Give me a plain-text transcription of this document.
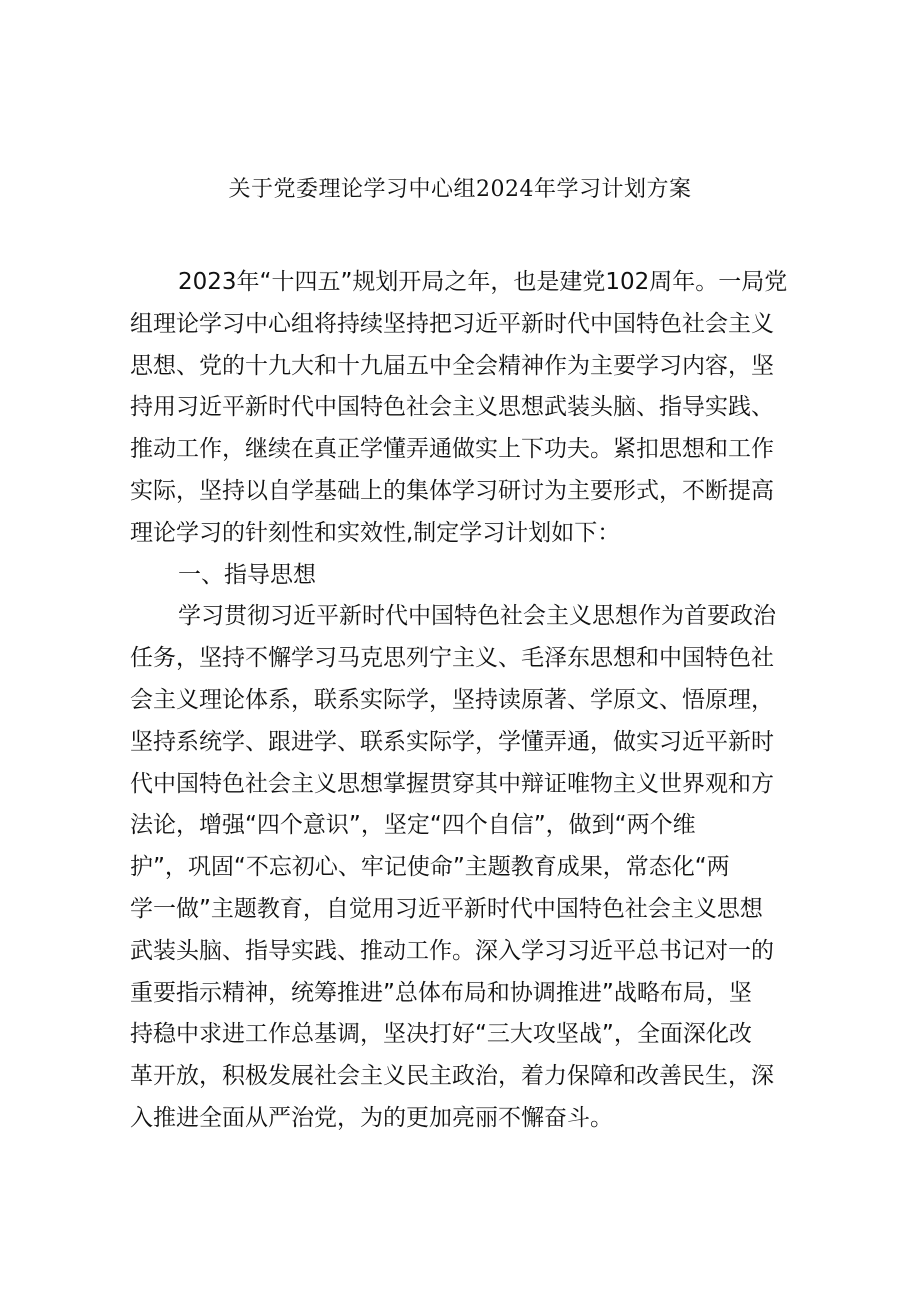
关于党委理论学习中心组2024年学习计划方案
2023年“十四五”规划开局之年，也是建党102周年。一局党
组理论学习中心组将持续坚持把习近平新时代中国特色社会主义
思想、党的十九大和十九届五中全会精神作为主要学习内容，坚
持用习近平新时代中国特色社会主义思想武装头脑、指导实践、
推动工作，继续在真正学懂弄通做实上下功夫。紧扣思想和工作
实际，坚持以自学基础上的集体学习研讨为主要形式，不断提高
理论学习的针刻性和实效性,制定学习计划如下：
一、指导思想
学习贯彻习近平新时代中国特色社会主义思想作为首要政治
任务，坚持不懈学习马克思列宁主义、毛泽东思想和中国特色社
会主义理论体系，联系实际学，坚持读原著、学原文、悟原理，
坚持系统学、跟进学、联系实际学，学懂弄通，做实习近平新时
代中国特色社会主义思想掌握贯穿其中辩证唯物主义世界观和方
法论，增强“四个意识”，坚定“四个自信”，做到“两个维
护”，巩固“不忘初心、牢记使命”主题教育成果，常态化“两
学一做”主题教育，自觉用习近平新时代中国特色社会主义思想
武装头脑、指导实践、推动工作。深入学习习近平总书记对一的
重要指示精神，统筹推进”总体布局和协调推进”战略布局，坚
持稳中求进工作总基调，坚决打好“三大攻坚战”，全面深化改
革开放，积极发展社会主义民主政治，着力保障和改善民生，深
入推进全面从严治党，为的更加亮丽不懈奋斗。
